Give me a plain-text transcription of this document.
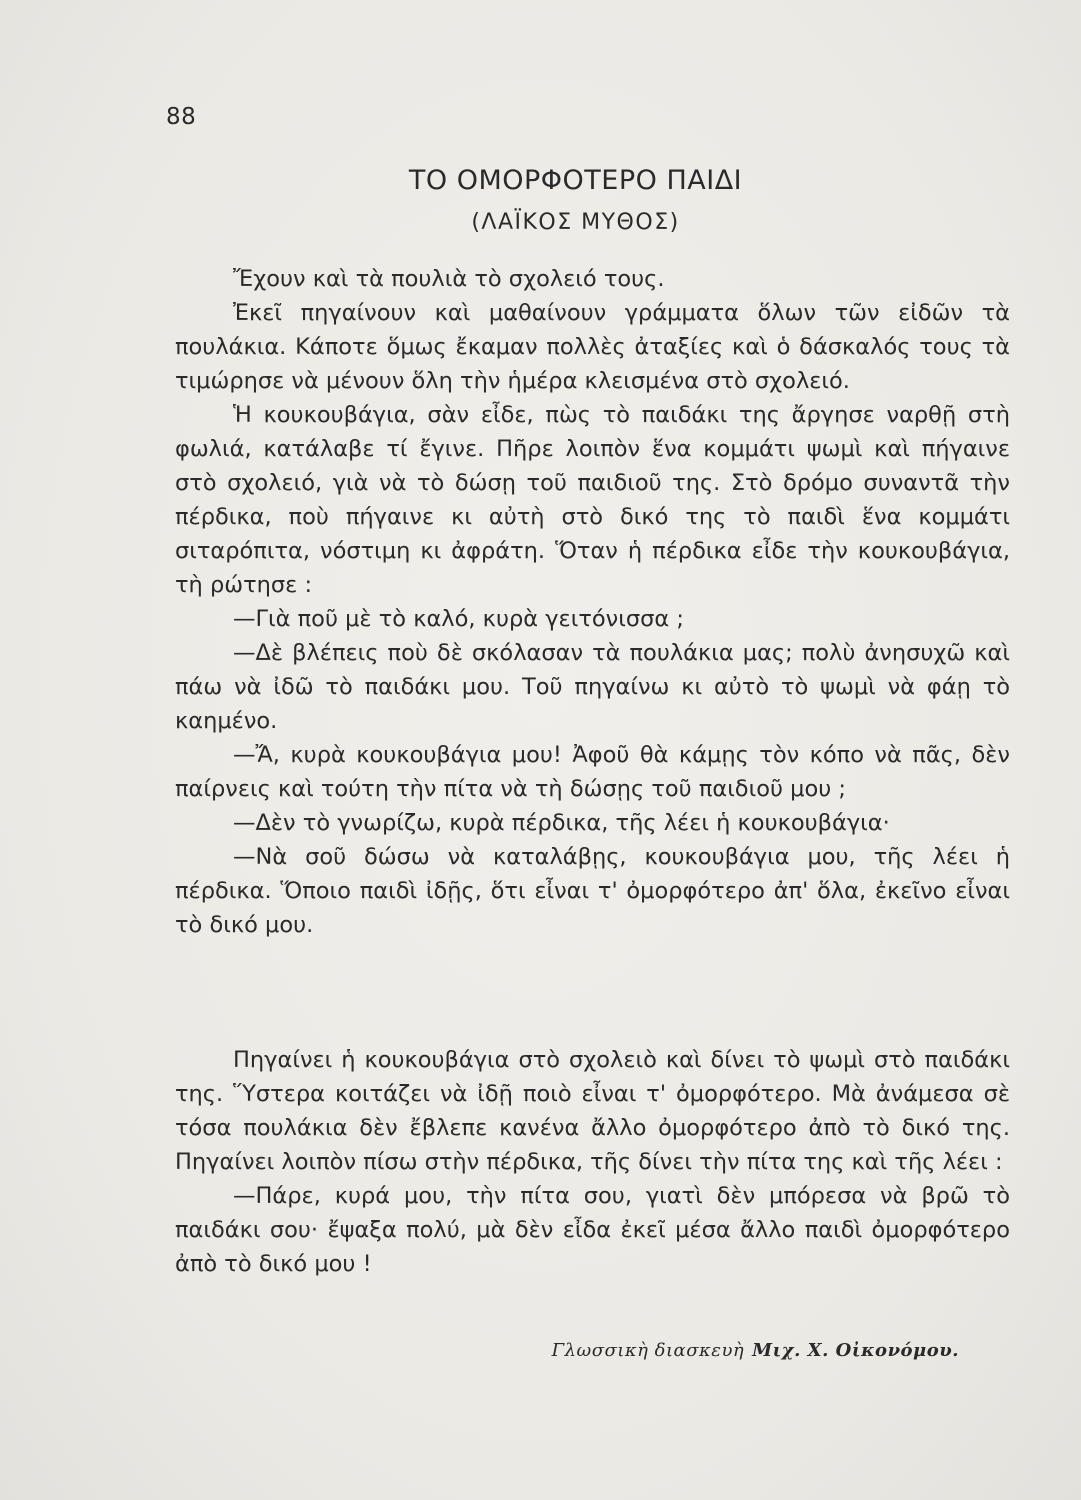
88
ΤΟ ΟΜΟΡΦΟΤΕΡΟ ΠΑΙΔΙ
(ΛΑΪΚΟΣ ΜΥΘΟΣ)

Ἔχουν καὶ τὰ πουλιὰ τὸ σχολειό τους.

Ἐκεῖ πηγαίνουν καὶ μαθαίνουν γράμματα ὅλων τῶν εἰδῶν τὰ πουλάκια. Κάποτε ὅμως ἔκαμαν πολλὲς ἀταξίες καὶ ὁ δάσκαλός τους τὰ τιμώρησε νὰ μένουν ὅλη τὴν ἡμέρα κλεισμένα στὸ σχολειό.

Ἡ κουκουβάγια, σὰν εἶδε, πὼς τὸ παιδάκι της ἄργησε ναρθῇ στὴ φωλιά, κατάλαβε τί ἔγινε. Πῆρε λοιπὸν ἕνα κομμάτι ψωμὶ καὶ πήγαινε στὸ σχολειό, γιὰ νὰ τὸ δώσῃ τοῦ παιδιοῦ της. Στὸ δρόμο συναντᾶ τὴν πέρδικα, ποὺ πήγαινε κι αὐτὴ στὸ δικό της τὸ παιδὶ ἕνα κομμάτι σιταρόπιτα, νόστιμη κι ἀφράτη. Ὅταν ἡ πέρδικα εἶδε τὴν κουκουβάγια, τὴ ρώτησε :

—Γιὰ ποῦ μὲ τὸ καλό, κυρὰ γειτόνισσα ;

—Δὲ βλέπεις ποὺ δὲ σκόλασαν τὰ πουλάκια μας; πολὺ ἀνησυχῶ καὶ πάω νὰ ἰδῶ τὸ παιδάκι μου. Τοῦ πηγαίνω κι αὐτὸ τὸ ψωμὶ νὰ φάῃ τὸ καημένο.

—Ἄ, κυρὰ κουκουβάγια μου! Ἀφοῦ θὰ κάμῃς τὸν κόπο νὰ πᾶς, δὲν παίρνεις καὶ τούτη τὴν πίτα νὰ τὴ δώσῃς τοῦ παιδιοῦ μου ;

—Δὲν τὸ γνωρίζω, κυρὰ πέρδικα, τῆς λέει ἡ κουκουβάγια·

—Νὰ σοῦ δώσω νὰ καταλάβῃς, κουκουβάγια μου, τῆς λέει ἡ πέρδικα. Ὅποιο παιδὶ ἰδῇς, ὅτι εἶναι τ' ὀμορφότερο ἀπ' ὅλα, ἐκεῖνο εἶναι τὸ δικό μου.

Πηγαίνει ἡ κουκουβάγια στὸ σχολειὸ καὶ δίνει τὸ ψωμὶ στὸ παιδάκι της. Ὕστερα κοιτάζει νὰ ἰδῇ ποιὸ εἶναι τ' ὀμορφότερο. Μὰ ἀνάμεσα σὲ τόσα πουλάκια δὲν ἔβλεπε κανένα ἄλλο ὀμορφότερο ἀπὸ τὸ δικό της. Πηγαίνει λοιπὸν πίσω στὴν πέρδικα, τῆς δίνει τὴν πίτα της καὶ τῆς λέει :

—Πάρε, κυρά μου, τὴν πίτα σου, γιατὶ δὲν μπόρεσα νὰ βρῶ τὸ παιδάκι σου· ἔψαξα πολύ, μὰ δὲν εἶδα ἐκεῖ μέσα ἄλλο παιδὶ ὀμορφότερο ἀπὸ τὸ δικό μου !

Γλωσσικὴ διασκευὴ Μιχ. Χ. Οἰκονόμου.
